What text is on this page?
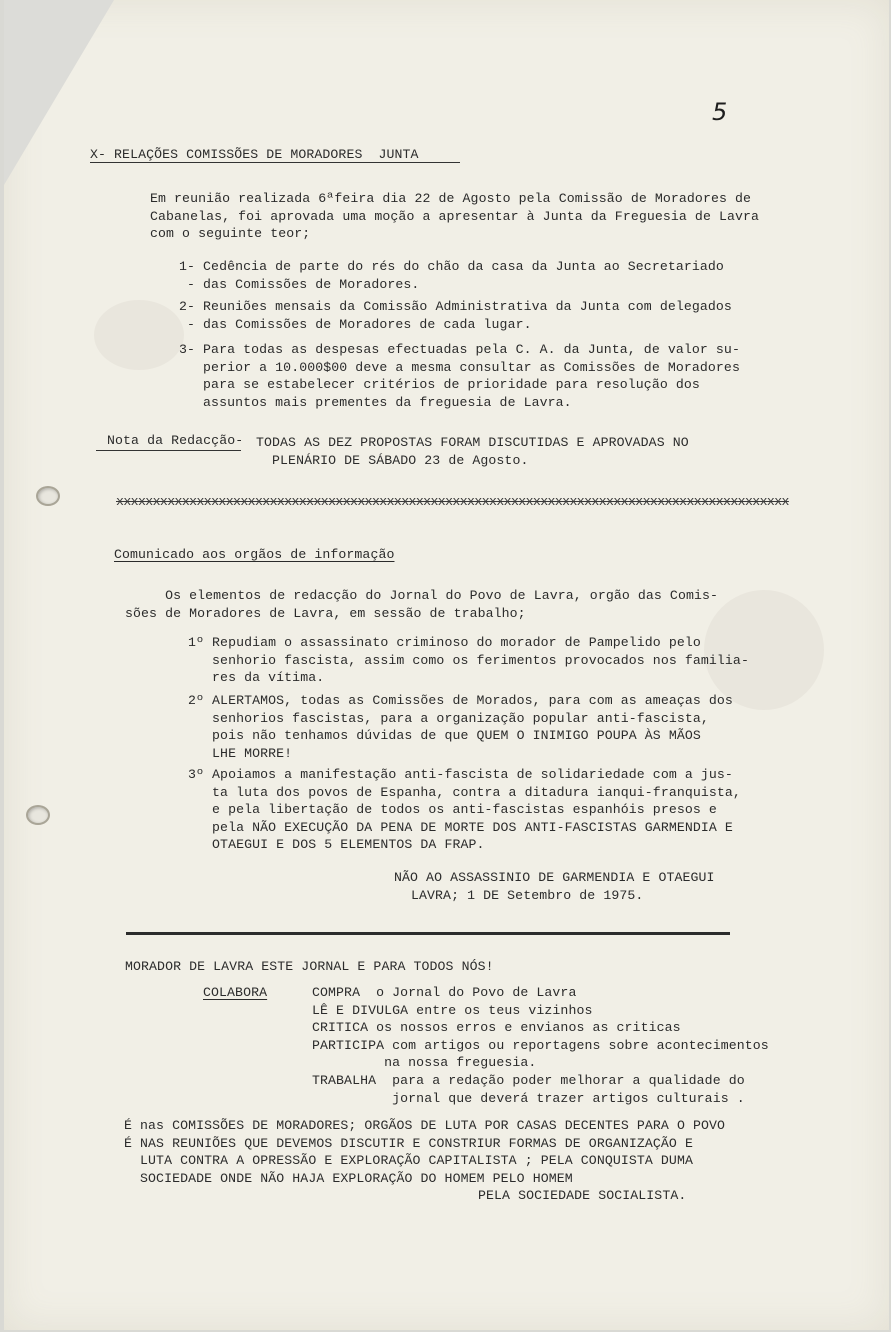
5
X- RELAÇÕES COMISSÕES DE MORADORES  JUNTA
Em reunião realizada 6ªfeira dia 22 de Agosto pela Comissão de Moradores de
Cabanelas, foi aprovada uma moção a apresentar à Junta da Freguesia de Lavra
com o seguinte teor;
1- Cedência de parte do rés do chão da casa da Junta ao Secretariado
- das Comissões de Moradores.
2- Reuniões mensais da Comissão Administrativa da Junta com delegados
- das Comissões de Moradores de cada lugar.
3- Para todas as despesas efectuadas pela C. A. da Junta, de valor su-
perior a 10.000$00 deve a mesma consultar as Comissões de Moradores
para se estabelecer critérios de prioridade para resolução dos
assuntos mais prementes da freguesia de Lavra.
Nota da Redacção- TODAS AS DEZ PROPOSTAS FORAM DISCUTIDAS E APROVADAS NO
PLENÁRIO DE SÁBADO 23 de Agosto.
xxxxxxxxxxxxxxxxxxxxxxxxxxxxxxxxxxxxxxxxxxxxxxxxxxxxxxxxxxxxxxxxxxxxxxxxxxxxxxxxxxxxxxxxxxxx
Comunicado aos orgãos de informação
Os elementos de redacção do Jornal do Povo de Lavra, orgão das Comis-
sões de Moradores de Lavra, em sessão de trabalho;
1º Repudiam o assassinato criminoso do morador de Pampelido pelo
senhorio fascista, assim como os ferimentos provocados nos familia-
res da vítima.
2º ALERTAMOS, todas as Comissões de Morados, para com as ameaças dos
senhorios fascistas, para a organização popular anti-fascista,
pois não tenhamos dúvidas de que QUEM O INIMIGO POUPA ÀS MÃOS
LHE MORRE!
3º Apoiamos a manifestação anti-fascista de solidariedade com a jus-
ta luta dos povos de Espanha, contra a ditadura ianqui-franquista,
e pela libertação de todos os anti-fascistas espanhóis presos e
pela NÃO EXECUÇÃO DA PENA DE MORTE DOS ANTI-FASCISTAS GARMENDIA E
OTAEGUI E DOS 5 ELEMENTOS DA FRAP.
NÃO AO ASSASSINIO DE GARMENDIA E OTAEGUI
LAVRA; 1 DE Setembro de 1975.
MORADOR DE LAVRA ESTE JORNAL E PARA TODOS NÓS!
COLABORA	COMPRA  o Jornal do Povo de Lavra
LÊ E DIVULGA entre os teus vizinhos
CRITICA os nossos erros e envianos as criticas
PARTICIPA com artigos ou reportagens sobre acontecimentos
na nossa freguesia.
TRABALHA  para a redação poder melhorar a qualidade do
jornal que deverá trazer artigos culturais .
É nas COMISSÕES DE MORADORES; ORGÃOS DE LUTA POR CASAS DECENTES PARA O POVO
É NAS REUNIÕES QUE DEVEMOS DISCUTIR E CONSTRIUR FORMAS DE ORGANIZAÇÃO E
LUTA CONTRA A OPRESSÃO E EXPLORAÇÃO CAPITALISTA ; PELA CONQUISTA DUMA
SOCIEDADE ONDE NÃO HAJA EXPLORAÇÃO DO HOMEM PELO HOMEM
PELA SOCIEDADE SOCIALISTA.
